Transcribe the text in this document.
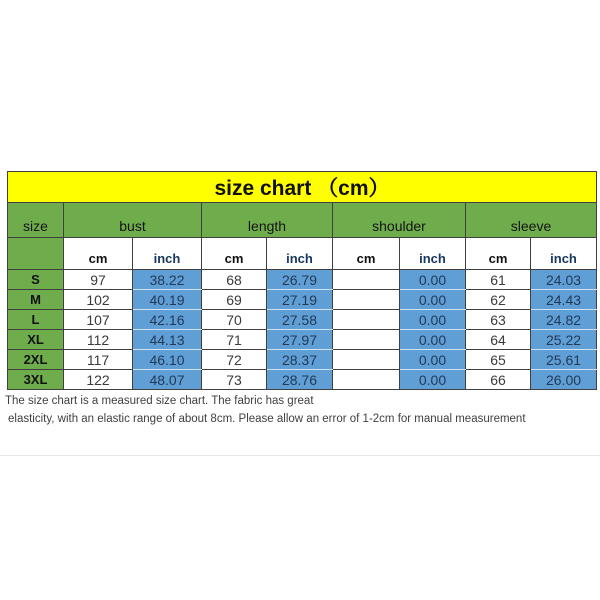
size chart （cm）								
size	bust		length		shoulder		sleeve	
	cm	inch	cm	inch	cm	inch	cm	inch
S	97	38.22	68	26.79		0.00	61	24.03
M	102	40.19	69	27.19		0.00	62	24.43
L	107	42.16	70	27.58		0.00	63	24.82
XL	112	44.13	71	27.97		0.00	64	25.22
2XL	117	46.10	72	28.37		0.00	65	25.61
3XL	122	48.07	73	28.76		0.00	66	26.00
The size chart is a measured size chart. The fabric has great
elasticity, with an elastic range of about 8cm. Please allow an error of 1-2cm for manual measurement
